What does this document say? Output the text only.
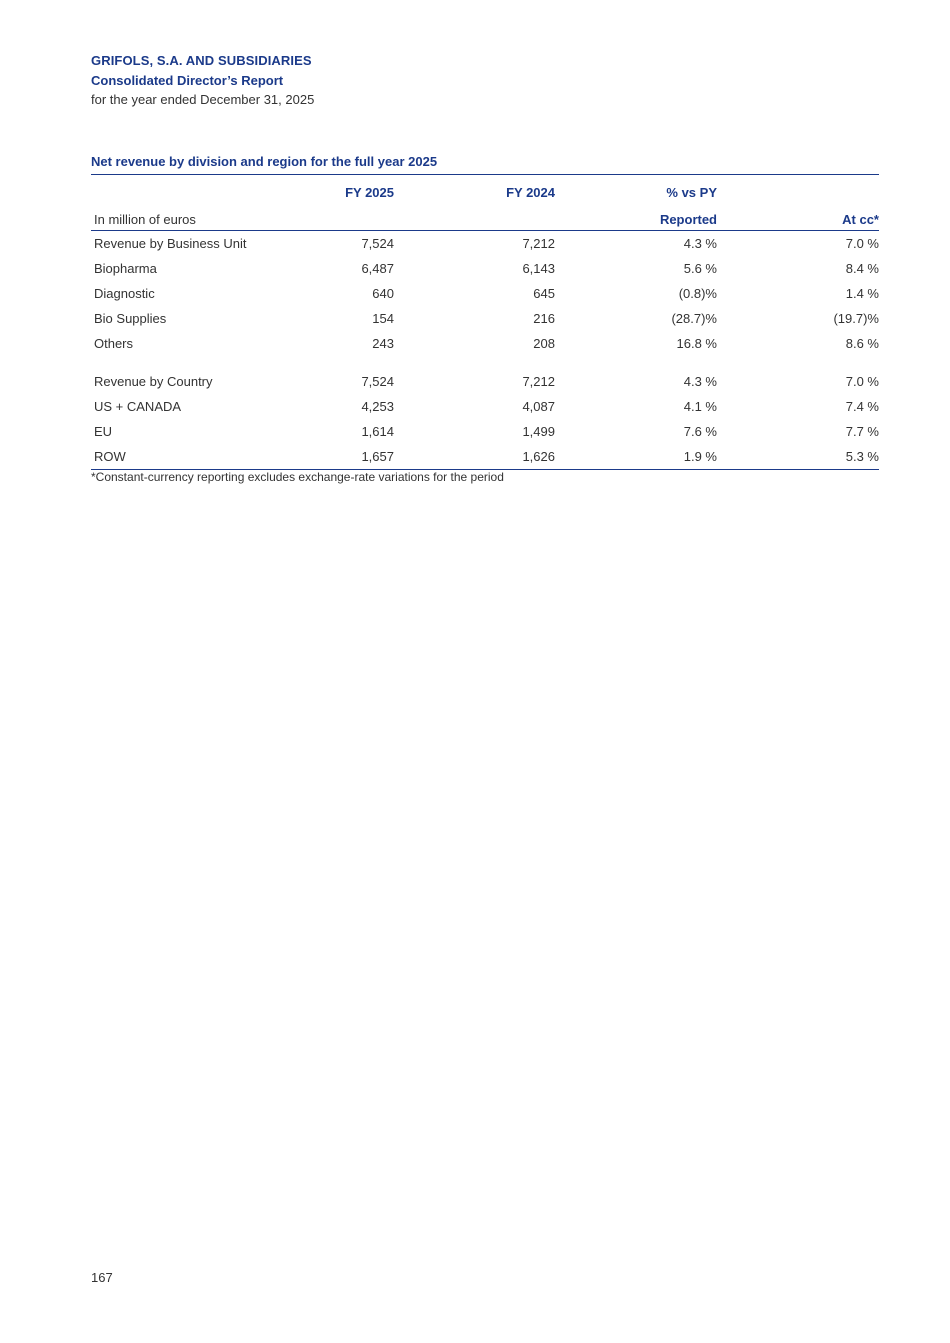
GRIFOLS, S.A. AND SUBSIDIARIES

Consolidated Director’s Report

for the year ended December 31, 2025

Net revenue by division and region for the full year 2025
	FY 2025	FY 2024	% vs PY	
In million of euros			Reported	At cc*
Revenue by Business Unit	7,524	7,212	4.3 %	7.0 %
Biopharma	6,487	6,143	5.6 %	8.4 %
Diagnostic	640	645	(0.8)%	1.4 %
Bio Supplies	154	216	(28.7)%	(19.7)%
Others	243	208	16.8 %	8.6 %

Revenue by Country	7,524	7,212	4.3 %	7.0 %
US + CANADA	4,253	4,087	4.1 %	7.4 %
EU	1,614	1,499	7.6 %	7.7 %
ROW	1,657	1,626	1.9 %	5.3 %
*Constant-currency reporting excludes exchange-rate variations for the period
167
